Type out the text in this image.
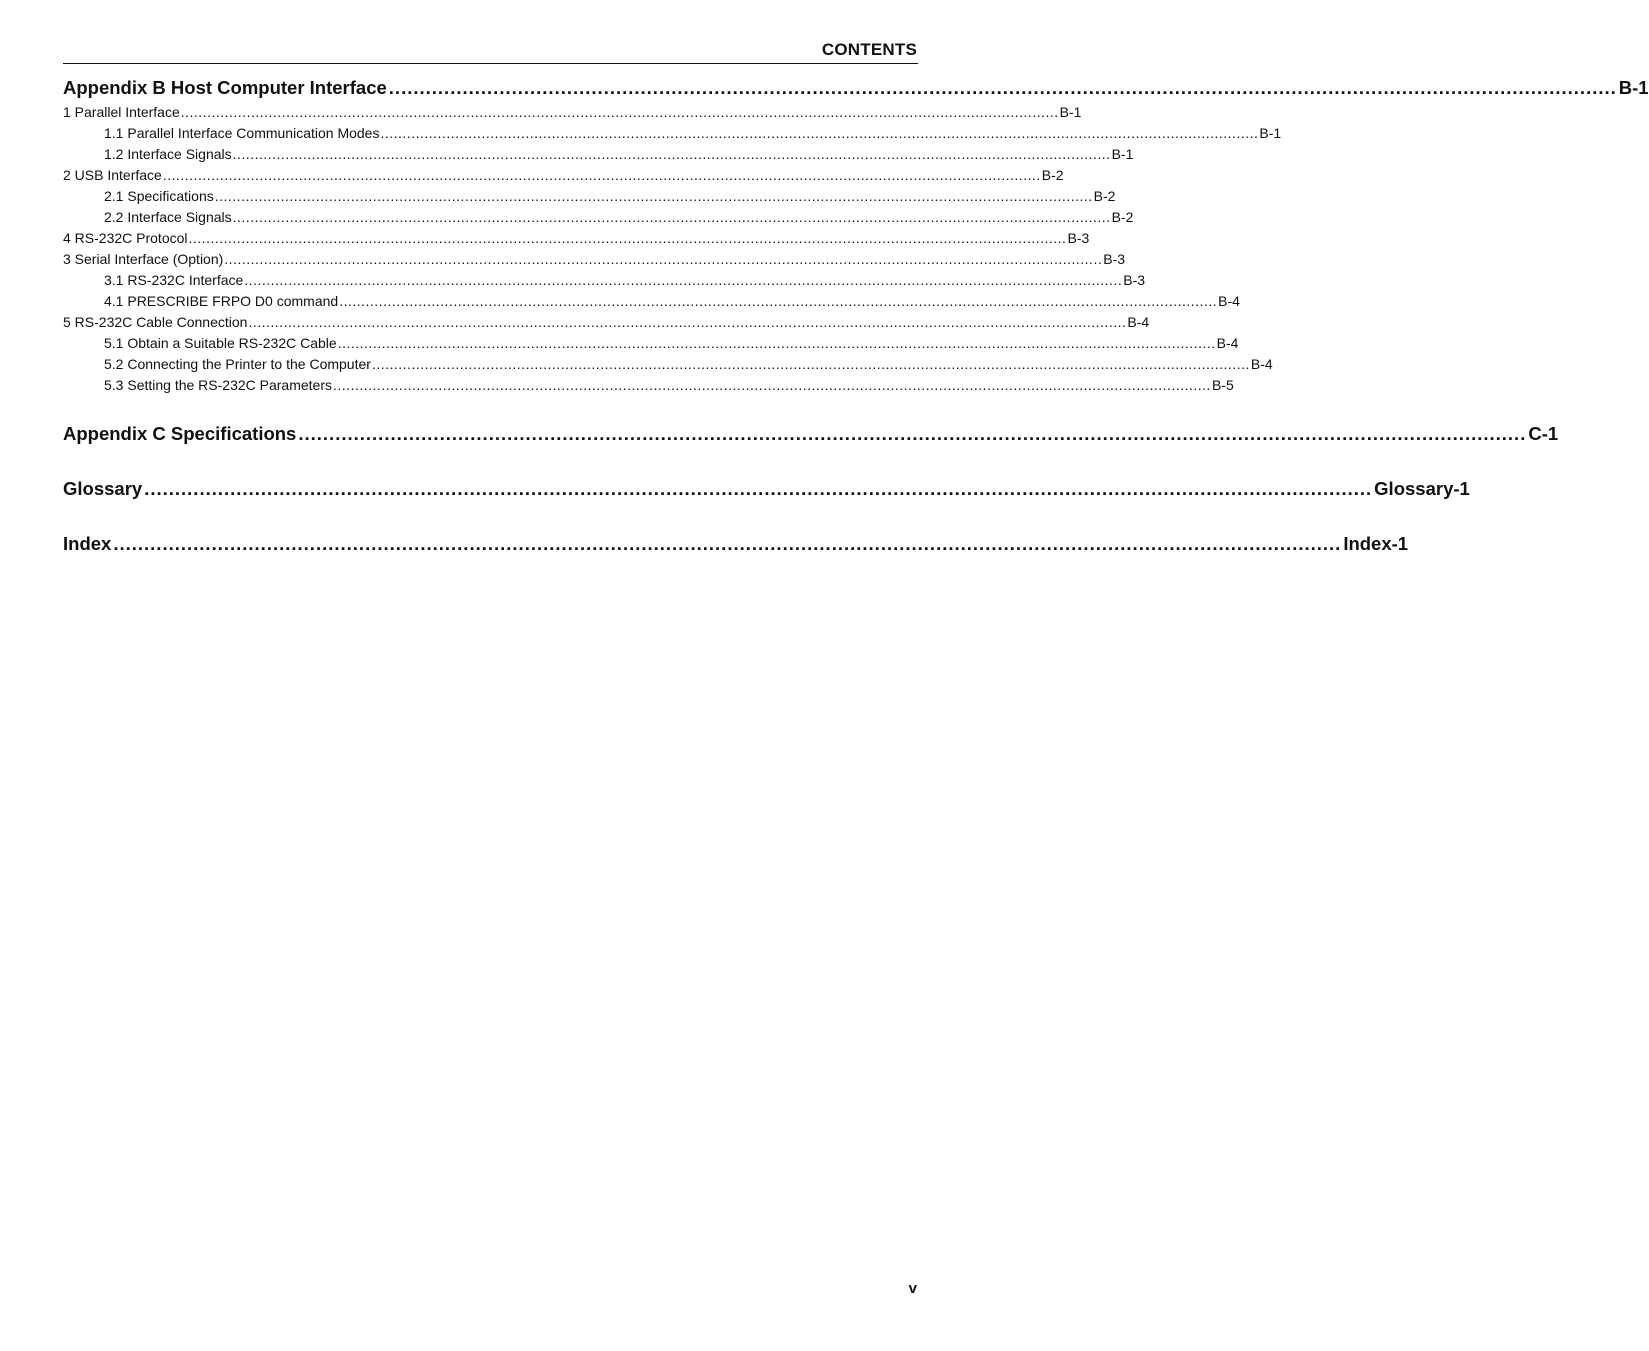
CONTENTS
Appendix B Host Computer Interface ........................................................................................................................................................................................................ B-1
1 Parallel Interface ........................................................................................................................................................................................................ B-1
1.1 Parallel Interface Communication Modes ........................................................................................................................................................................................................ B-1
1.2 Interface Signals ........................................................................................................................................................................................................ B-1
2 USB Interface ........................................................................................................................................................................................................ B-2
2.1 Specifications ........................................................................................................................................................................................................ B-2
2.2 Interface Signals ........................................................................................................................................................................................................ B-2
4 RS-232C Protocol ........................................................................................................................................................................................................ B-3
3 Serial Interface (Option) ........................................................................................................................................................................................................ B-3
3.1 RS-232C Interface ........................................................................................................................................................................................................ B-3
4.1 PRESCRIBE FRPO D0 command ........................................................................................................................................................................................................ B-4
5 RS-232C Cable Connection ........................................................................................................................................................................................................ B-4
5.1 Obtain a Suitable RS-232C Cable ........................................................................................................................................................................................................ B-4
5.2 Connecting the Printer to the Computer ........................................................................................................................................................................................................ B-4
5.3 Setting the RS-232C Parameters ........................................................................................................................................................................................................ B-5
Appendix C Specifications ........................................................................................................................................................................................................ C-1
Glossary ........................................................................................................................................................................................................ Glossary-1
Index ........................................................................................................................................................................................................ Index-1
v
